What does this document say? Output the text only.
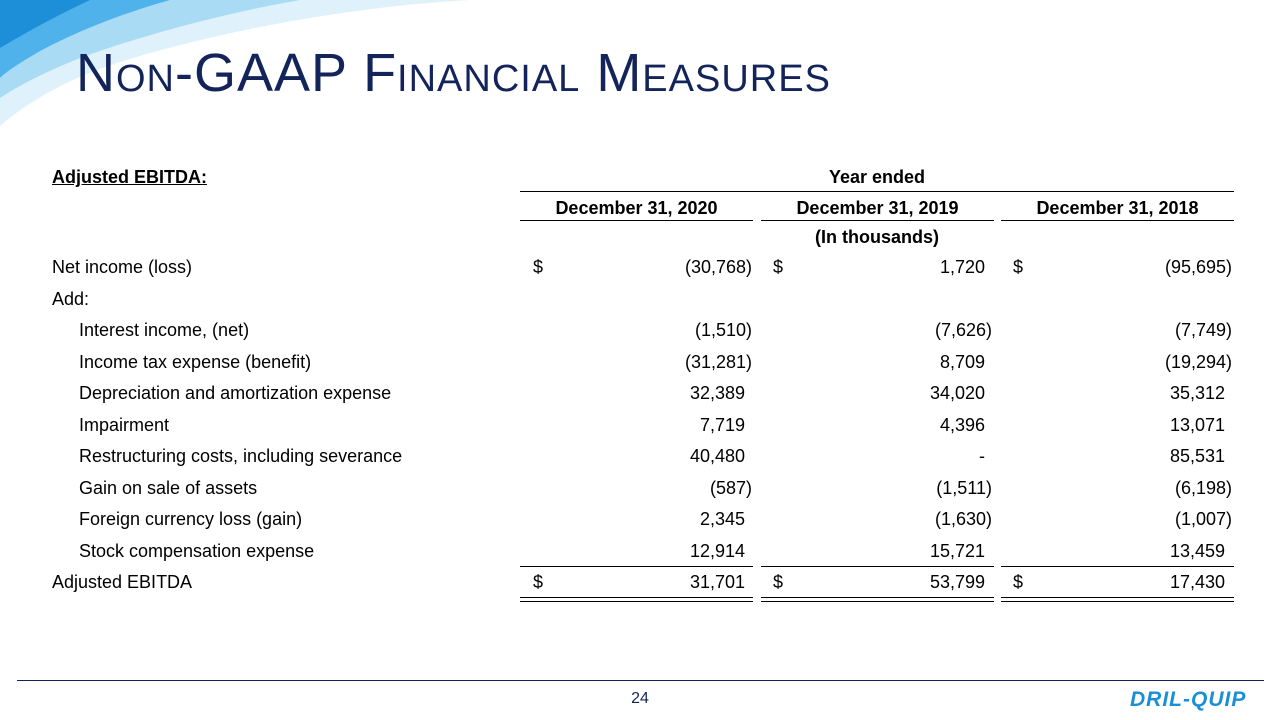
Non-GAAP Financial Measures
Adjusted EBITDA:	Year ended
December 31, 2020	December 31, 2019	December 31, 2018
(In thousands)
Net income (loss)	$	(30,768) $	1,720 $	(95,695)
Add:
Interest income, (net)	(1,510)	(7,626)	(7,749)
Income tax expense (benefit)	(31,281)	8,709	(19,294)
Depreciation and amortization expense	32,389	34,020	35,312
Impairment	7,719	4,396	13,071
Restructuring costs, including severance	40,480	-	85,531
Gain on sale of assets	(587)	(1,511)	(6,198)
Foreign currency loss (gain)	2,345	(1,630)	(1,007)
Stock compensation expense	12,914	15,721	13,459
Adjusted EBITDA	$	31,701 $	53,799 $	17,430
24	DRIL-QUIP
